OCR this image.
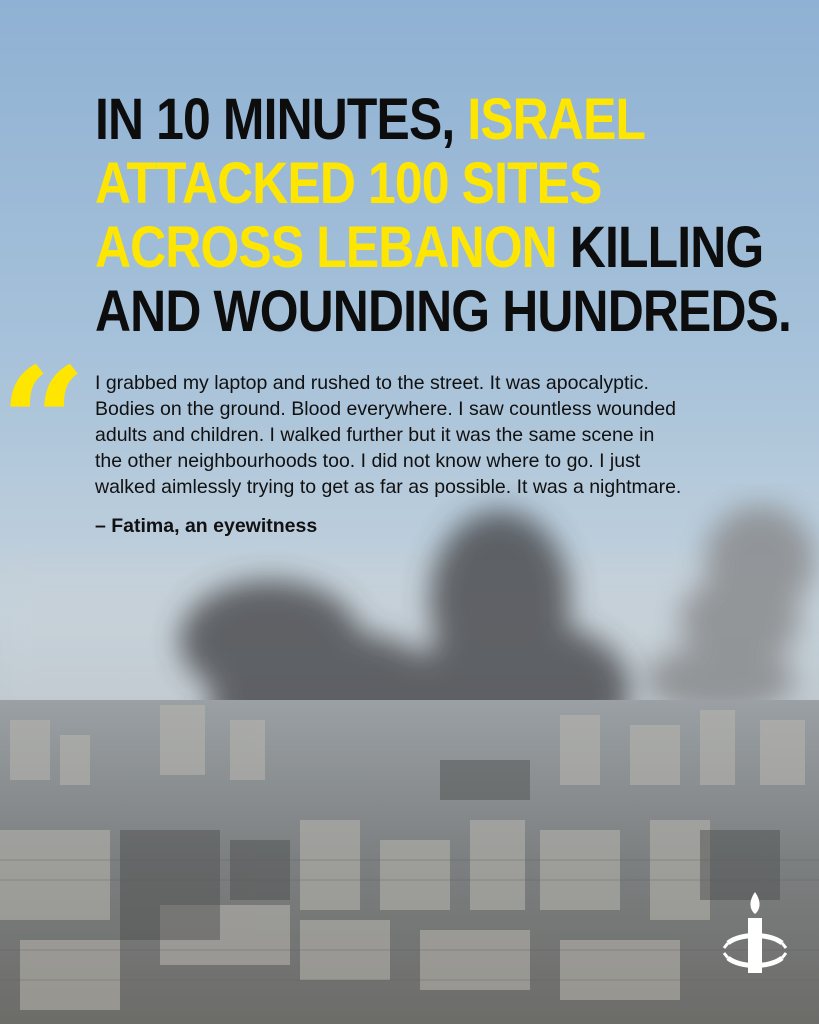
“
IN 10 MINUTES, ISRAEL
ATTACKED 100 SITES
ACROSS LEBANON KILLING
AND WOUNDING HUNDREDS.
I grabbed my laptop and rushed to the street. It was apocalyptic.
Bodies on the ground. Blood everywhere. I saw countless wounded
adults and children. I walked further but it was the same scene in
the other neighbourhoods too. I did not know where to go. I just
walked aimlessly trying to get as far as possible. It was a nightmare.
– Fatima, an eyewitness
